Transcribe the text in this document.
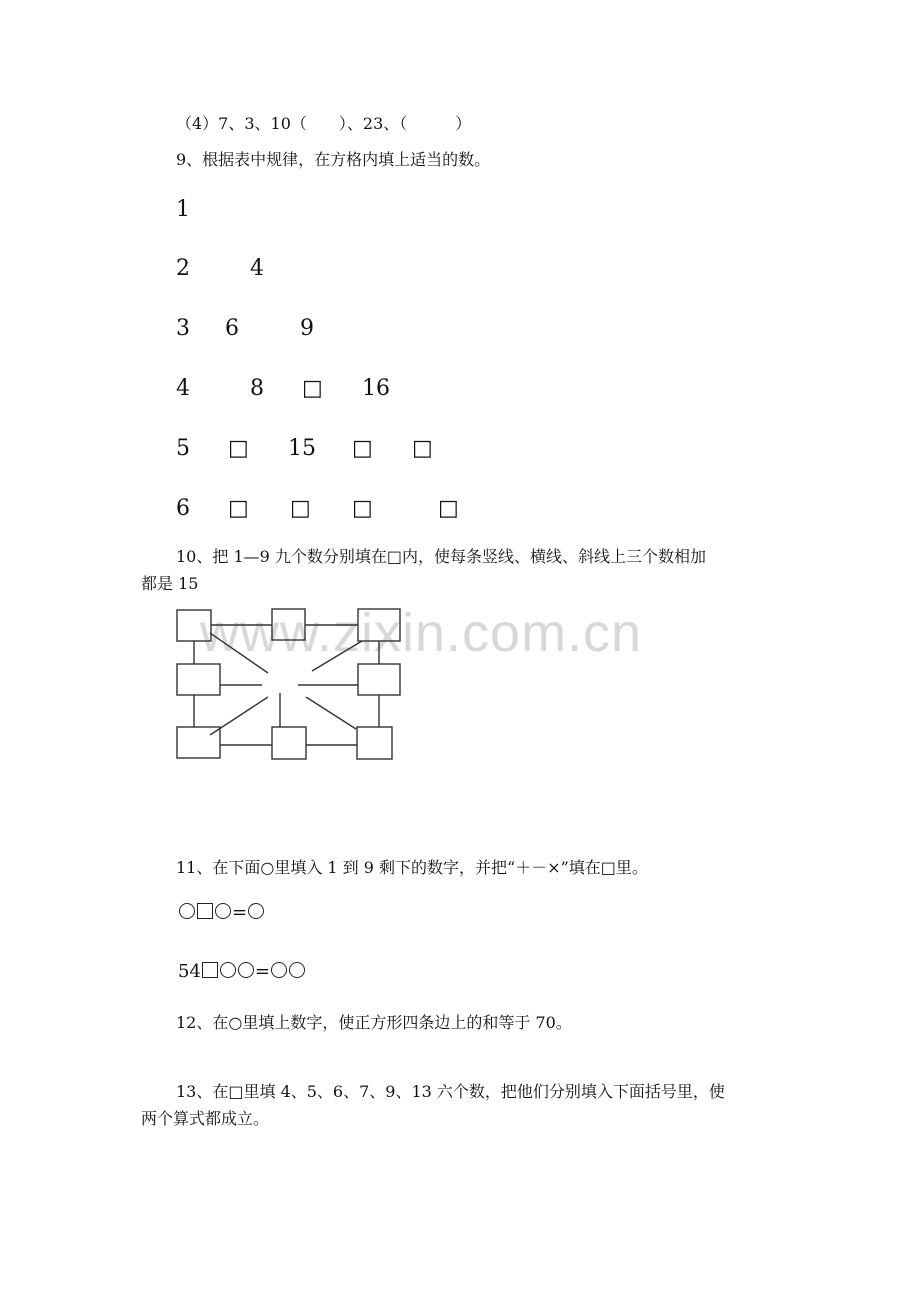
www.zixin.com.cn
（4）7、3、10（　　）、23、（　　　）
9、根据表中规律，在方格内填上适当的数。
1
2	4
3 6	9
4	8 □ 16
5 □ 15 □ □
6 □ □ □	□
10、把 1—9 九个数分别填在□内，使每条竖线、横线、斜线上三个数相加
都是 15
11、在下面○里填入 1 到 9 剩下的数字，并把“＋－×”填在□里。
=
54	=
12、在○里填上数字，使正方形四条边上的和等于 70。
13、在□里填 4、5、6、7、9、13 六个数，把他们分别填入下面括号里，使
两个算式都成立。
